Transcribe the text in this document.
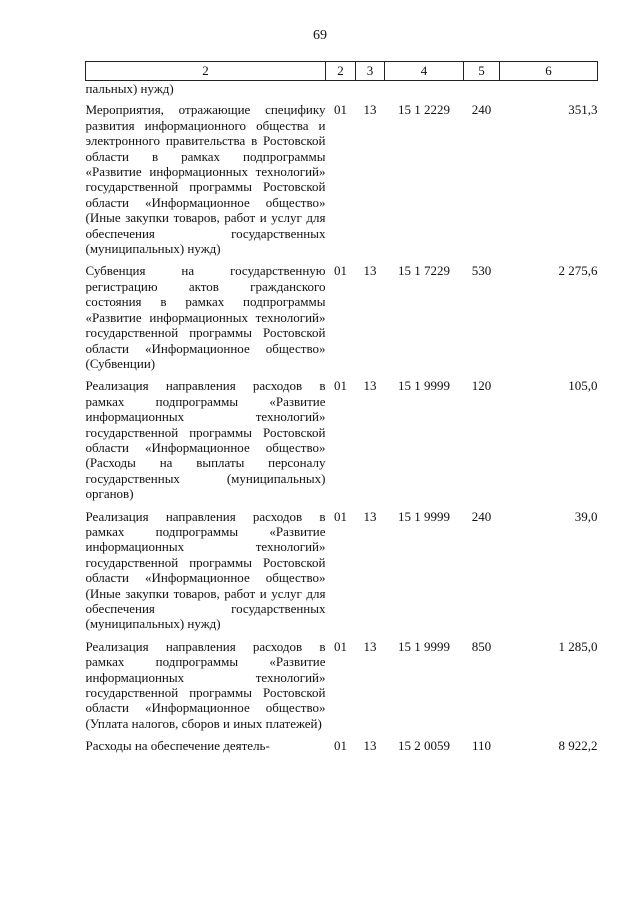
69
2	2	3	4	5	6
пальных) нужд)					
Мероприятия, отражающие специфику развития информационного общества и электронного правительства в Ростовской области в рамках подпрограммы «Развитие информационных технологий» государственной программы Ростовской области «Информационное общество» (Иные закупки товаров, работ и услуг для обеспечения государственных (муниципальных) нужд)	01	13	15 1 2229	240	351,3
Субвенция на государственную регистрацию актов гражданского состояния в рамках подпрограммы «Развитие информационных технологий» государственной программы Ростовской области «Информационное общество» (Субвенции)	01	13	15 1 7229	530	2 275,6
Реализация направления расходов в рамках подпрограммы «Развитие информационных технологий» государственной программы Ростовской области «Информационное общество» (Расходы на выплаты персоналу государственных (муниципальных) органов)	01	13	15 1 9999	120	105,0
Реализация направления расходов в рамках подпрограммы «Развитие информационных технологий» государственной программы Ростовской области «Информационное общество» (Иные закупки товаров, работ и услуг для обеспечения государственных (муниципальных) нужд)	01	13	15 1 9999	240	39,0
Реализация направления расходов в рамках подпрограммы «Развитие информационных технологий» государственной программы Ростовской области «Информационное общество» (Уплата налогов, сборов и иных платежей)	01	13	15 1 9999	850	1 285,0
Расходы на обеспечение деятель-	01	13	15 2 0059	110	8 922,2
